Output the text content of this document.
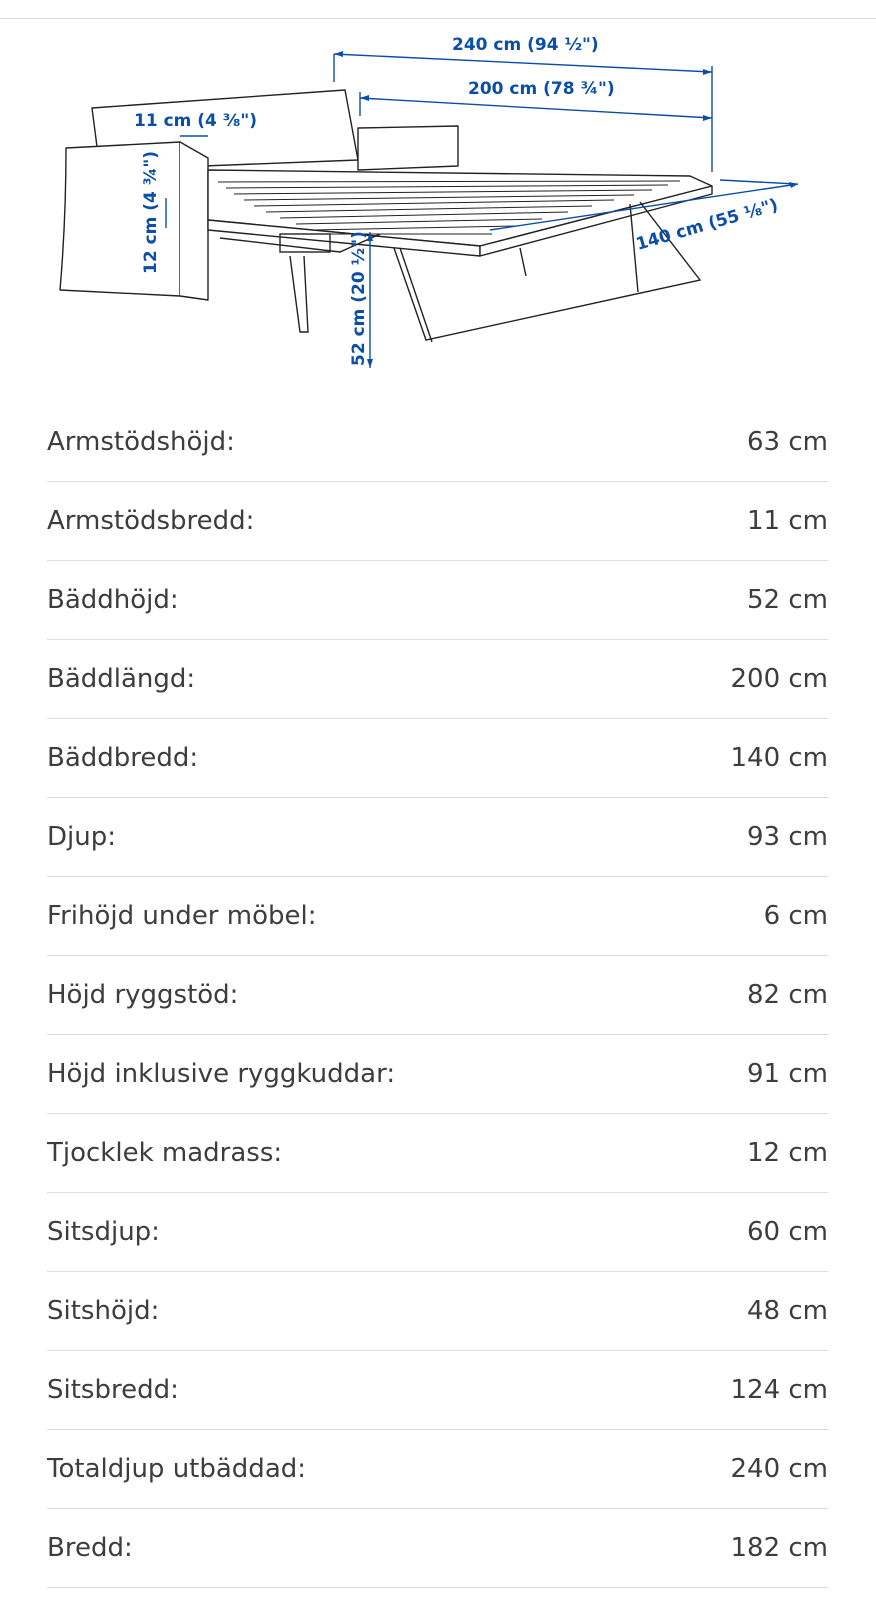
240 cm (94 ½")
200 cm (78 ¾")
11 cm (4 ⅜")
12 cm (4 ¾")
52 cm (20 ½")
140 cm (55 ⅛")
Armstödshöjd:	63 cm
Armstödsbredd:	11 cm
Bäddhöjd:	52 cm
Bäddlängd:	200 cm
Bäddbredd:	140 cm
Djup:	93 cm
Frihöjd under möbel:	6 cm
Höjd ryggstöd:	82 cm
Höjd inklusive ryggkuddar:	91 cm
Tjocklek madrass:	12 cm
Sitsdjup:	60 cm
Sitshöjd:	48 cm
Sitsbredd:	124 cm
Totaldjup utbäddad:	240 cm
Bredd:	182 cm
